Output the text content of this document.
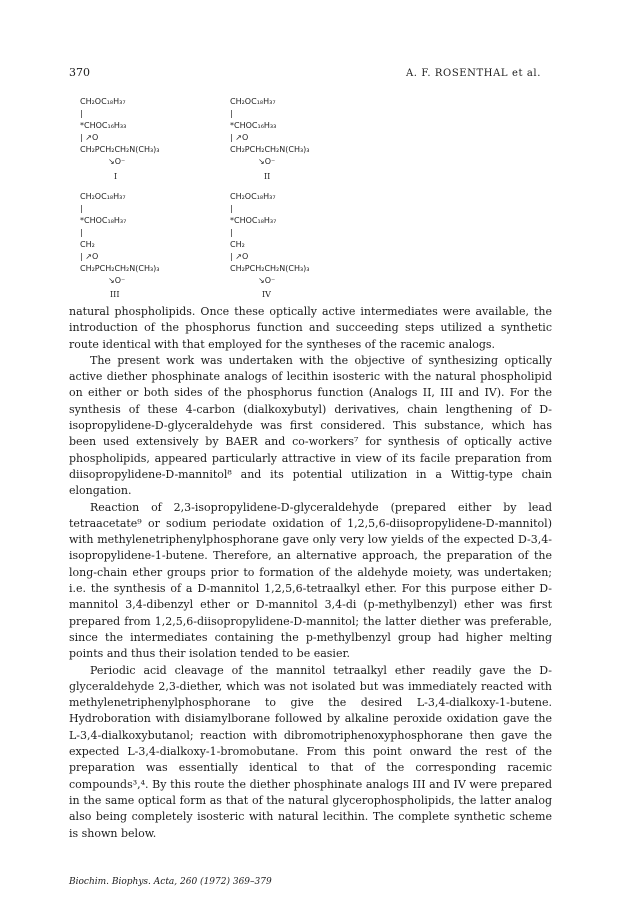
370	A. F. ROSENTHAL et al.
CH₂OC₁₈H₃₇
|
*CHOC₁₆H₃₃
| ↗O
CH₂PCH₂CH₂N(CH₃)₃
↘O⁻
I
CH₂OC₁₈H₃₇
|
*CHOC₁₆H₃₃
| ↗O
CH₂PCH₂CH₂N(CH₃)₃
↘O⁻
II
CH₂OC₁₈H₃₇
|
*CHOC₁₈H₃₇
|
CH₂
| ↗O
CH₂PCH₂CH₂N(CH₃)₃
↘O⁻
III
CH₂OC₁₈H₃₇
|
*CHOC₁₈H₃₇
|
CH₂
| ↗O
CH₂PCH₂CH₂N(CH₃)₃
↘O⁻
IV

natural phospholipids. Once these optically active intermediates were available, the introduction of the phosphorus function and succeeding steps utilized a synthetic route identical with that employed for the syntheses of the racemic analogs.

The present work was undertaken with the objective of synthesizing optically active diether phosphinate analogs of lecithin isosteric with the natural phospholipid on either or both sides of the phosphorus function (Analogs II, III and IV). For the synthesis of these 4-carbon (dialkoxybutyl) derivatives, chain lengthening of D-isopropylidene-D-glyceraldehyde was first considered. This substance, which has been used extensively by BAER and co-workers⁷ for synthesis of optically active phospholipids, appeared particularly attractive in view of its facile preparation from diisopropylidene-D-mannitol⁸ and its potential utilization in a Wittig-type chain elongation.

Reaction of 2,3-isopropylidene-D-glyceraldehyde (prepared either by lead tetraacetate⁹ or sodium periodate oxidation of 1,2,5,6-diisopropylidene-D-mannitol) with methylenetriphenylphosphorane gave only very low yields of the expected D-3,4-isopropylidene-1-butene. Therefore, an alternative approach, the preparation of the long-chain ether groups prior to formation of the aldehyde moiety, was undertaken; i.e. the synthesis of a D-mannitol 1,2,5,6-tetraalkyl ether. For this purpose either D-mannitol 3,4-dibenzyl ether or D-mannitol 3,4-di (p-methylbenzyl) ether was first prepared from 1,2,5,6-diisopropylidene-D-mannitol; the latter diether was preferable, since the intermediates containing the p-methylbenzyl group had higher melting points and thus their isolation tended to be easier.

Periodic acid cleavage of the mannitol tetraalkyl ether readily gave the D-glyceraldehyde 2,3-diether, which was not isolated but was immediately reacted with methylenetriphenylphosphorane to give the desired L-3,4-dialkoxy-1-butene. Hydroboration with disiamylborane followed by alkaline peroxide oxidation gave the L-3,4-dialkoxybutanol; reaction with dibromotriphenoxyphosphorane then gave the expected L-3,4-dialkoxy-1-bromobutane. From this point onward the rest of the preparation was essentially identical to that of the corresponding racemic compounds³,⁴. By this route the diether phosphinate analogs III and IV were prepared in the same optical form as that of the natural glycerophospholipids, the latter analog also being completely isosteric with natural lecithin. The complete synthetic scheme is shown below.

Biochim. Biophys. Acta, 260 (1972) 369–379
